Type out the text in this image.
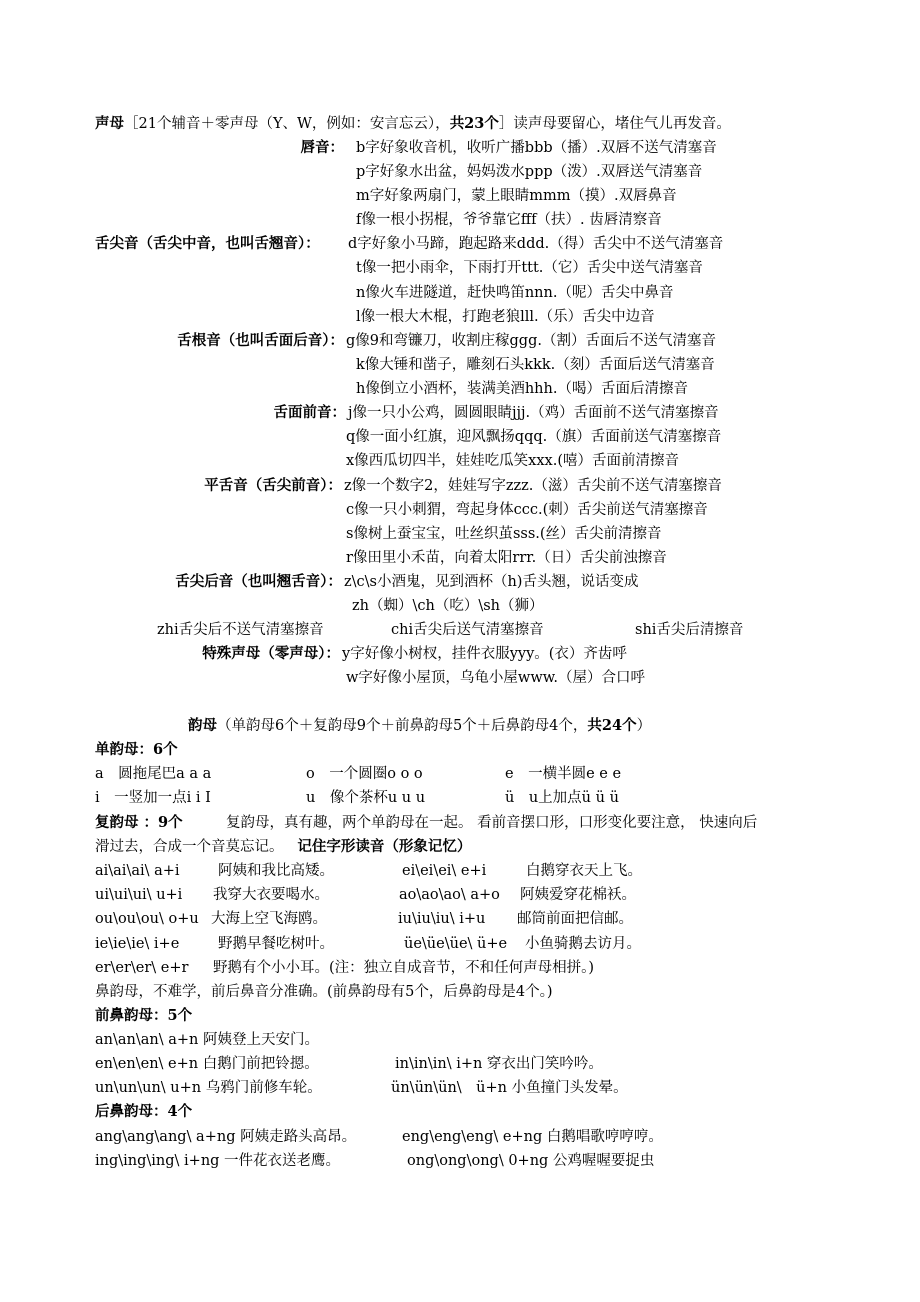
声母［21个辅音＋零声母（Y、W，例如：安言忘云），共23个］读声母要留心，堵住气儿再发音。
唇音： b字好象收音机，收听广播bbb（播）.双唇不送气清塞音
p字好象水出盆，妈妈泼水ppp（泼）.双唇送气清塞音
m字好象两扇门，蒙上眼睛mmm（摸）.双唇鼻音
f像一根小拐棍，爷爷靠它fff（扶）. 齿唇清察音
舌尖音（舌尖中音，也叫舌翘音）： d字好象小马蹄，跑起路来ddd.（得）舌尖中不送气清塞音
t像一把小雨伞，下雨打开ttt.（它）舌尖中送气清塞音
n像火车进隧道，赶快鸣笛nnn.（呢）舌尖中鼻音
l像一根大木棍，打跑老狼lll.（乐）舌尖中边音
舌根音（也叫舌面后音）： g像9和弯镰刀，收割庄稼ggg.（割）舌面后不送气清塞音
k像大锤和凿子，雕刻石头kkk.（刻）舌面后送气清塞音
h像倒立小酒杯，装满美酒hhh.（喝）舌面后清擦音
舌面前音： j像一只小公鸡，圆圆眼睛jjj.（鸡）舌面前不送气清塞擦音
q像一面小红旗，迎风飘扬qqq.（旗）舌面前送气清塞擦音
x像西瓜切四半，娃娃吃瓜笑xxx.(嘻）舌面前清擦音
平舌音（舌尖前音）： z像一个数字2，娃娃写字zzz.（滋）舌尖前不送气清塞擦音
c像一只小刺猬，弯起身体ccc.(刺）舌尖前送气清塞擦音
s像树上蚕宝宝，吐丝织茧sss.(丝）舌尖前清擦音
r像田里小禾苗，向着太阳rrr.（日）舌尖前浊擦音
舌尖后音（也叫翘舌音）： z\c\s小酒鬼，见到酒杯（h)舌头翘，说话变成
zh（蜘）\ch（吃）\sh（狮）
zhi舌尖后不送气清塞擦音	chi舌尖后送气清塞擦音	shi舌尖后清擦音
特殊声母（零声母）： y字好像小树杈，挂件衣服yyy。(衣）齐齿呼
w字好像小屋顶，乌龟小屋www.（屋）合口呼
韵母（单韵母6个＋复韵母9个＋前鼻韵母5个＋后鼻韵母4个，共24个）
单韵母：6个
a　圆拖尾巴a a a	o　一个圆圈o o o	e　一横半圆e e e
i　一竖加一点i i I	u　像个茶杯u u u	ü　u上加点ü ü ü
复韵母 ：9个	复韵母，真有趣，两个单韵母在一起。 看前音摆口形，口形变化要注意， 快速向后
滑过去，合成一个音莫忘记。 记住字形读音（形象记忆）
ai\ai\ai\ a+i	阿姨和我比高矮。	ei\ei\ei\ e+i	白鹅穿衣天上飞。
ui\ui\ui\ u+i 我穿大衣要喝水。	ao\ao\ao\ a+o 阿姨爱穿花棉袄。
ou\ou\ou\ o+u 大海上空飞海鸥。	iu\iu\iu\ i+u 邮筒前面把信邮。
ie\ie\ie\ i+e	野鹅早餐吃树叶。	üe\üe\üe\ ü+e 小鱼骑鹅去访月。
er\er\er\ e+r 野鹅有个小小耳。(注：独立自成音节，不和任何声母相拼。)
鼻韵母，不难学，前后鼻音分准确。(前鼻韵母有5个，后鼻韵母是4个。)
前鼻韵母：5个
an\an\an\ a+n 阿姨登上天安门。
en\en\en\ e+n 白鹅门前把铃摁。	in\in\in\ i+n 穿衣出门笑吟吟。
un\un\un\ u+n 乌鸦门前修车轮。	ün\ün\ün\　ü+n 小鱼撞门头发晕。
后鼻韵母：4个
ang\ang\ang\ a+ng 阿姨走路头高昂。	eng\eng\eng\ e+ng 白鹅唱歌哼哼哼。
ing\ing\ing\ i+ng 一件花衣送老鹰。	ong\ong\ong\ 0+ng 公鸡喔喔要捉虫
